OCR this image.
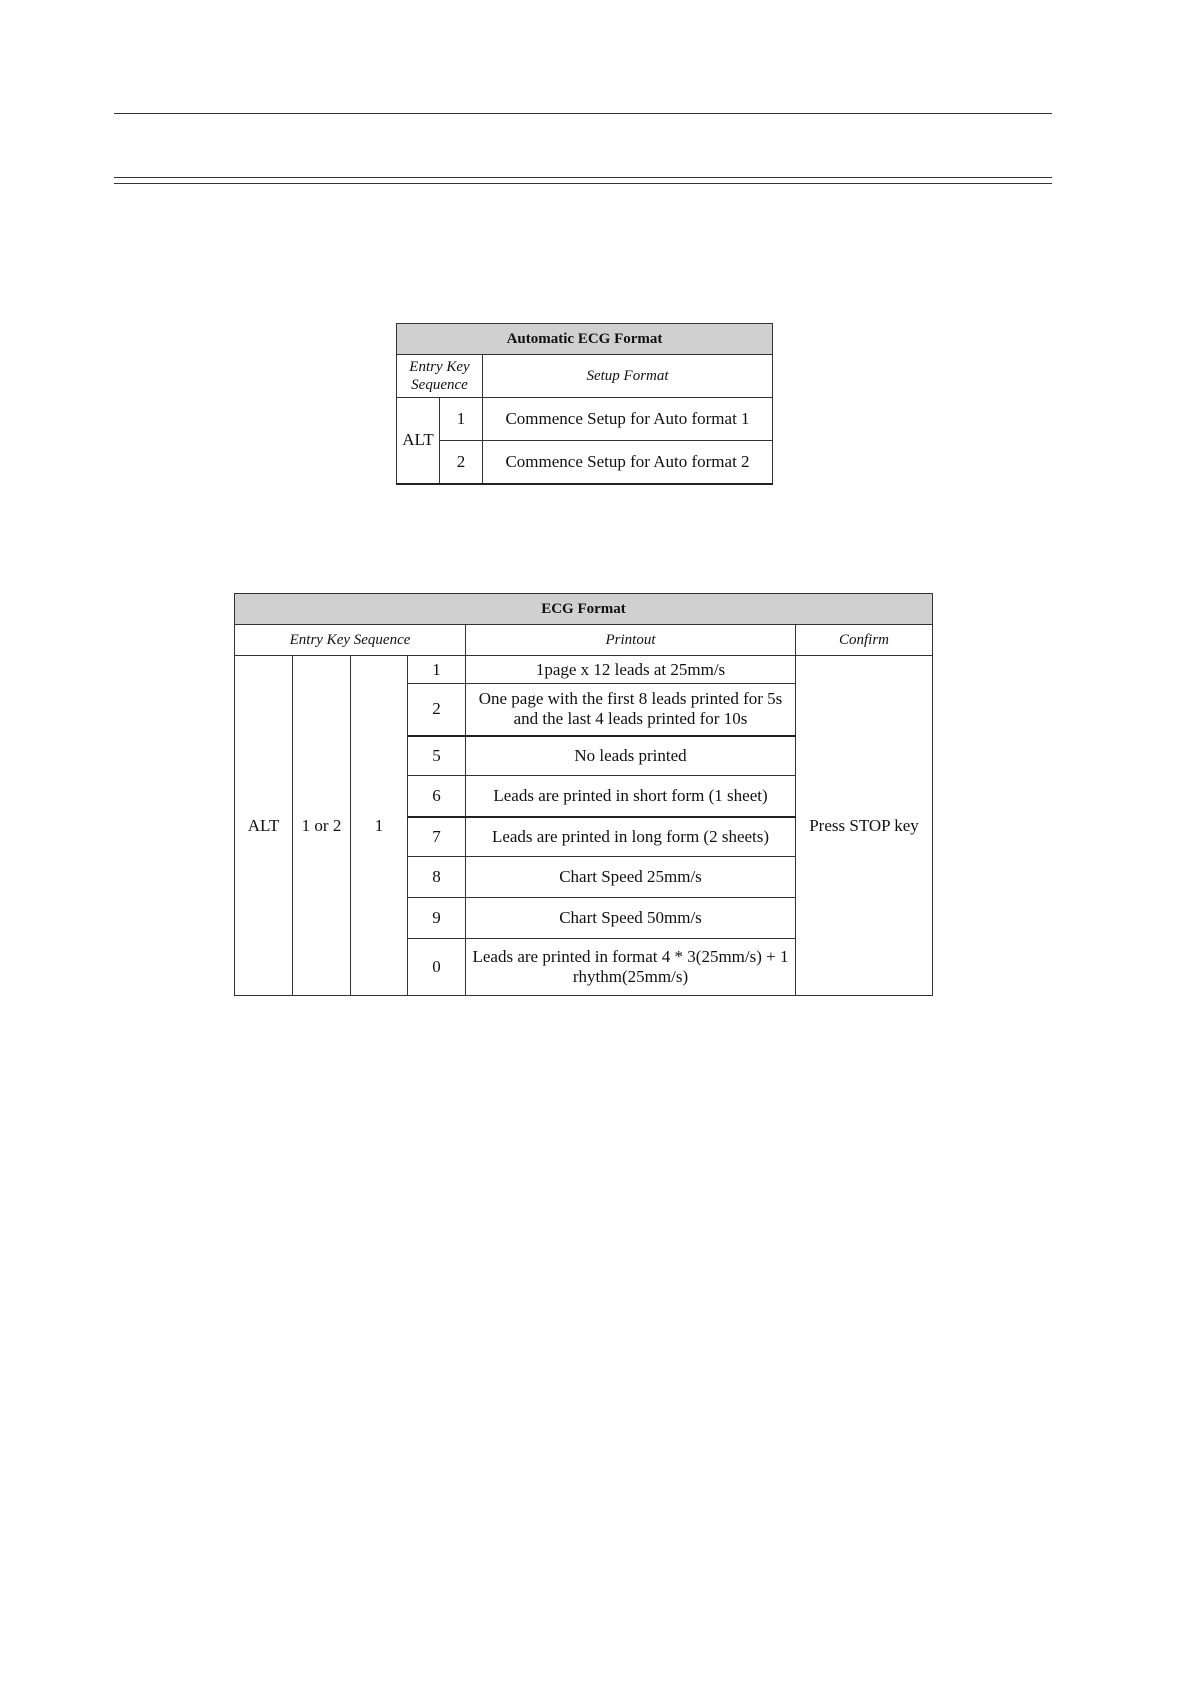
Automatic ECG Format		
Entry Key Sequence		Setup Format
ALT	1	Commence Setup for Auto format 1
	2	Commence Setup for Auto format 2
ECG Format					
Entry Key Sequence				Printout	Confirm
ALT	1 or 2	1	1	1page x 12 leads at 25mm/s	Press STOP key
			2	One page with the first 8 leads printed for 5s and the last 4 leads printed for 10s	
			5	No leads printed	
			6	Leads are printed in short form (1 sheet)	
			7	Leads are printed in long form (2 sheets)	
			8	Chart Speed 25mm/s	
			9	Chart Speed 50mm/s	
			0	Leads are printed in format 4 * 3(25mm/s) + 1 rhythm(25mm/s)	
